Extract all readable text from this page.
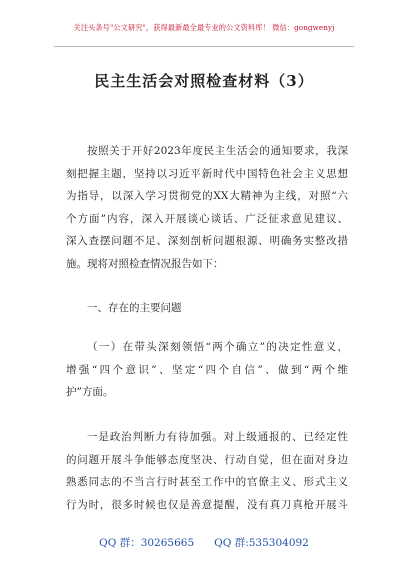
关注头条号"公文研究"，获得最新最全最专业的公文资料库！ 微信：gongwenyj
民主生活会对照检查材料（3）
按照关于开好2023年度民主生活会的通知要求，我深
刻把握主题，坚持以习近平新时代中国特色社会主义思想
为指导，以深入学习贯彻党的XX大精神为主线，对照“六
个方面”内容，深入开展谈心谈话、广泛征求意见建议、
深入查摆问题不足、深刻剖析问题根源、明确务实整改措
施。现将对照检查情况报告如下：
一、存在的主要问题
（一）在带头深刻领悟“两个确立”的决定性意义，
增强“四个意识”、坚定“四个自信”、做到“两个维
护”方面。
一是政治判断力有待加强。对上级通报的、已经定性
的问题开展斗争能够态度坚决、行动自觉，但在面对身边
熟悉同志的不当言行时甚至工作中的官僚主义、形式主义
行为时，很多时候也仅是善意提醒，没有真刀真枪开展斗
QQ 群：30265665 QQ 群:535304092
